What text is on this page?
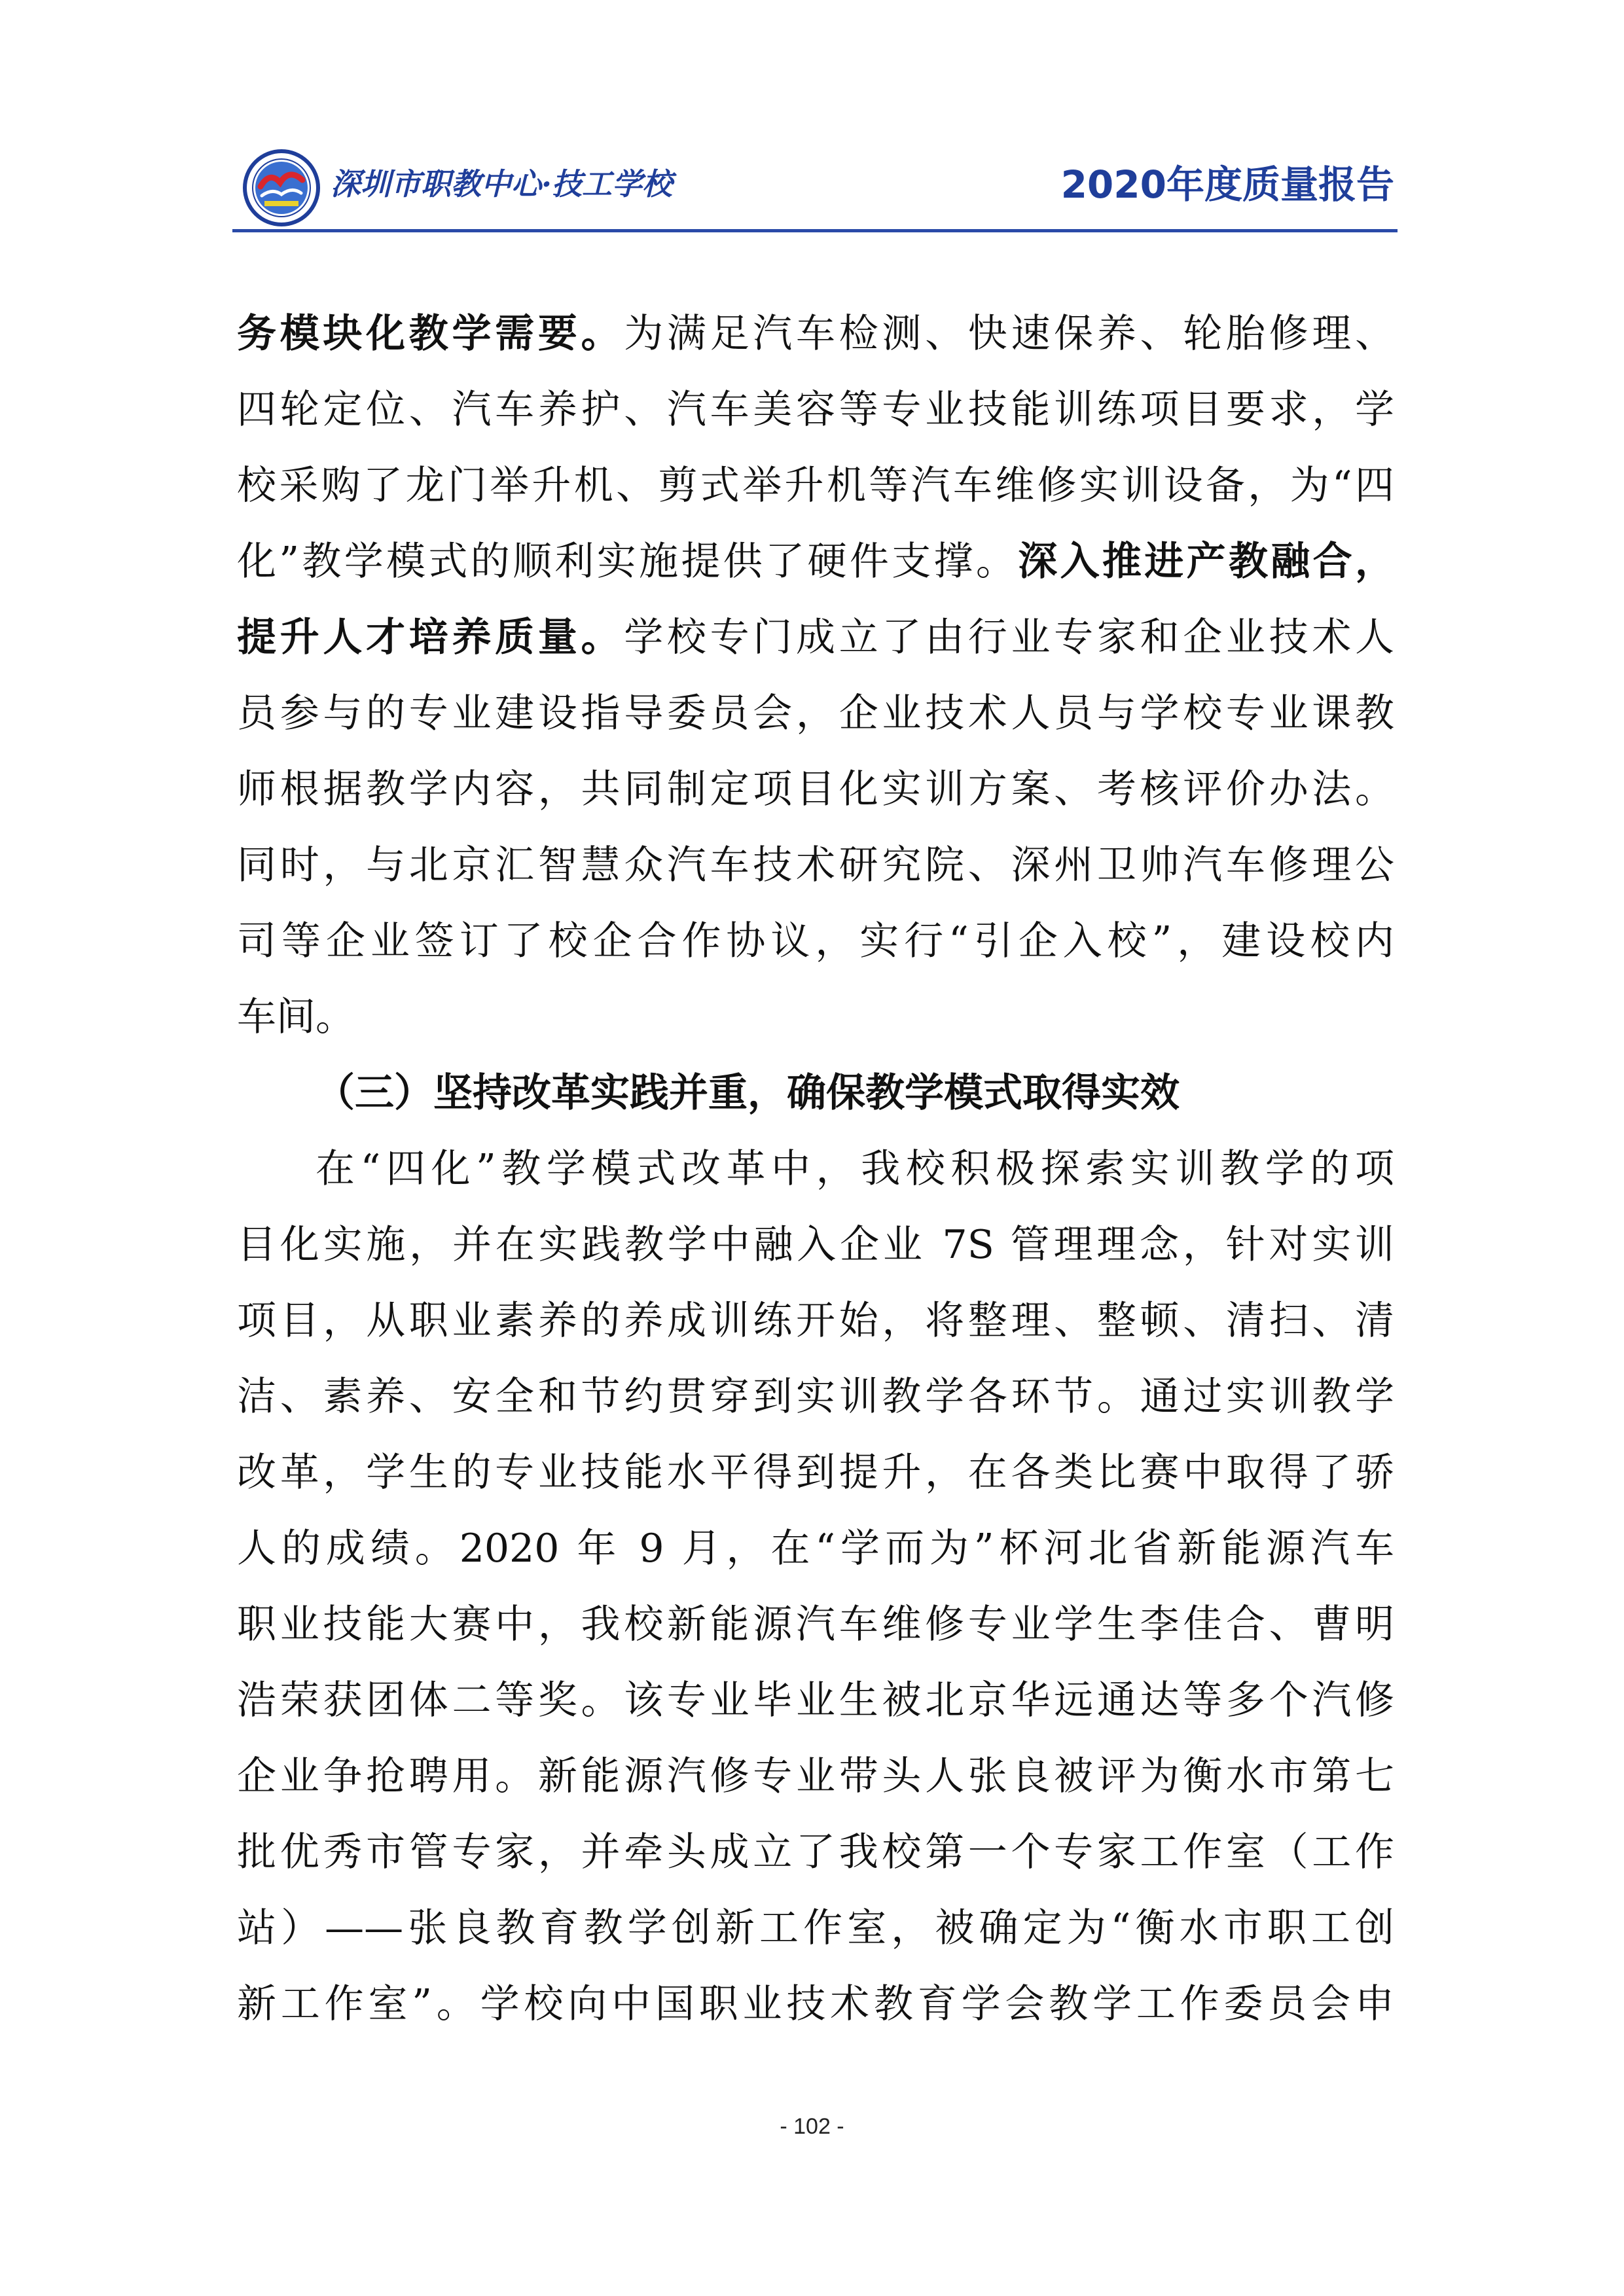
深圳市职教中心·技工学校	2020年度质量报告
务模块化教学需要。为满足汽车检测、快速保养、轮胎修理、
四轮定位、汽车养护、汽车美容等专业技能训练项目要求，学
校采购了龙门举升机、剪式举升机等汽车维修实训设备，为“四
化”教学模式的顺利实施提供了硬件支撑。深入推进产教融合，
提升人才培养质量。学校专门成立了由行业专家和企业技术人
员参与的专业建设指导委员会，企业技术人员与学校专业课教
师根据教学内容，共同制定项目化实训方案、考核评价办法。
同时，与北京汇智慧众汽车技术研究院、深州卫帅汽车修理公
司等企业签订了校企合作协议，实行“引企入校”，建设校内
车间。
（三）坚持改革实践并重，确保教学模式取得实效
在“四化”教学模式改革中，我校积极探索实训教学的项
目化实施，并在实践教学中融入企业 7S 管理理念，针对实训
项目，从职业素养的养成训练开始，将整理、整顿、清扫、清
洁、素养、安全和节约贯穿到实训教学各环节。通过实训教学
改革，学生的专业技能水平得到提升，在各类比赛中取得了骄
人的成绩。2020 年 9 月，在“学而为”杯河北省新能源汽车
职业技能大赛中，我校新能源汽车维修专业学生李佳合、曹明
浩荣获团体二等奖。该专业毕业生被北京华远通达等多个汽修
企业争抢聘用。新能源汽修专业带头人张良被评为衡水市第七
批优秀市管专家，并牵头成立了我校第一个专家工作室（工作
站）——张良教育教学创新工作室，被确定为“衡水市职工创
新工作室”。学校向中国职业技术教育学会教学工作委员会申
- 102 -
